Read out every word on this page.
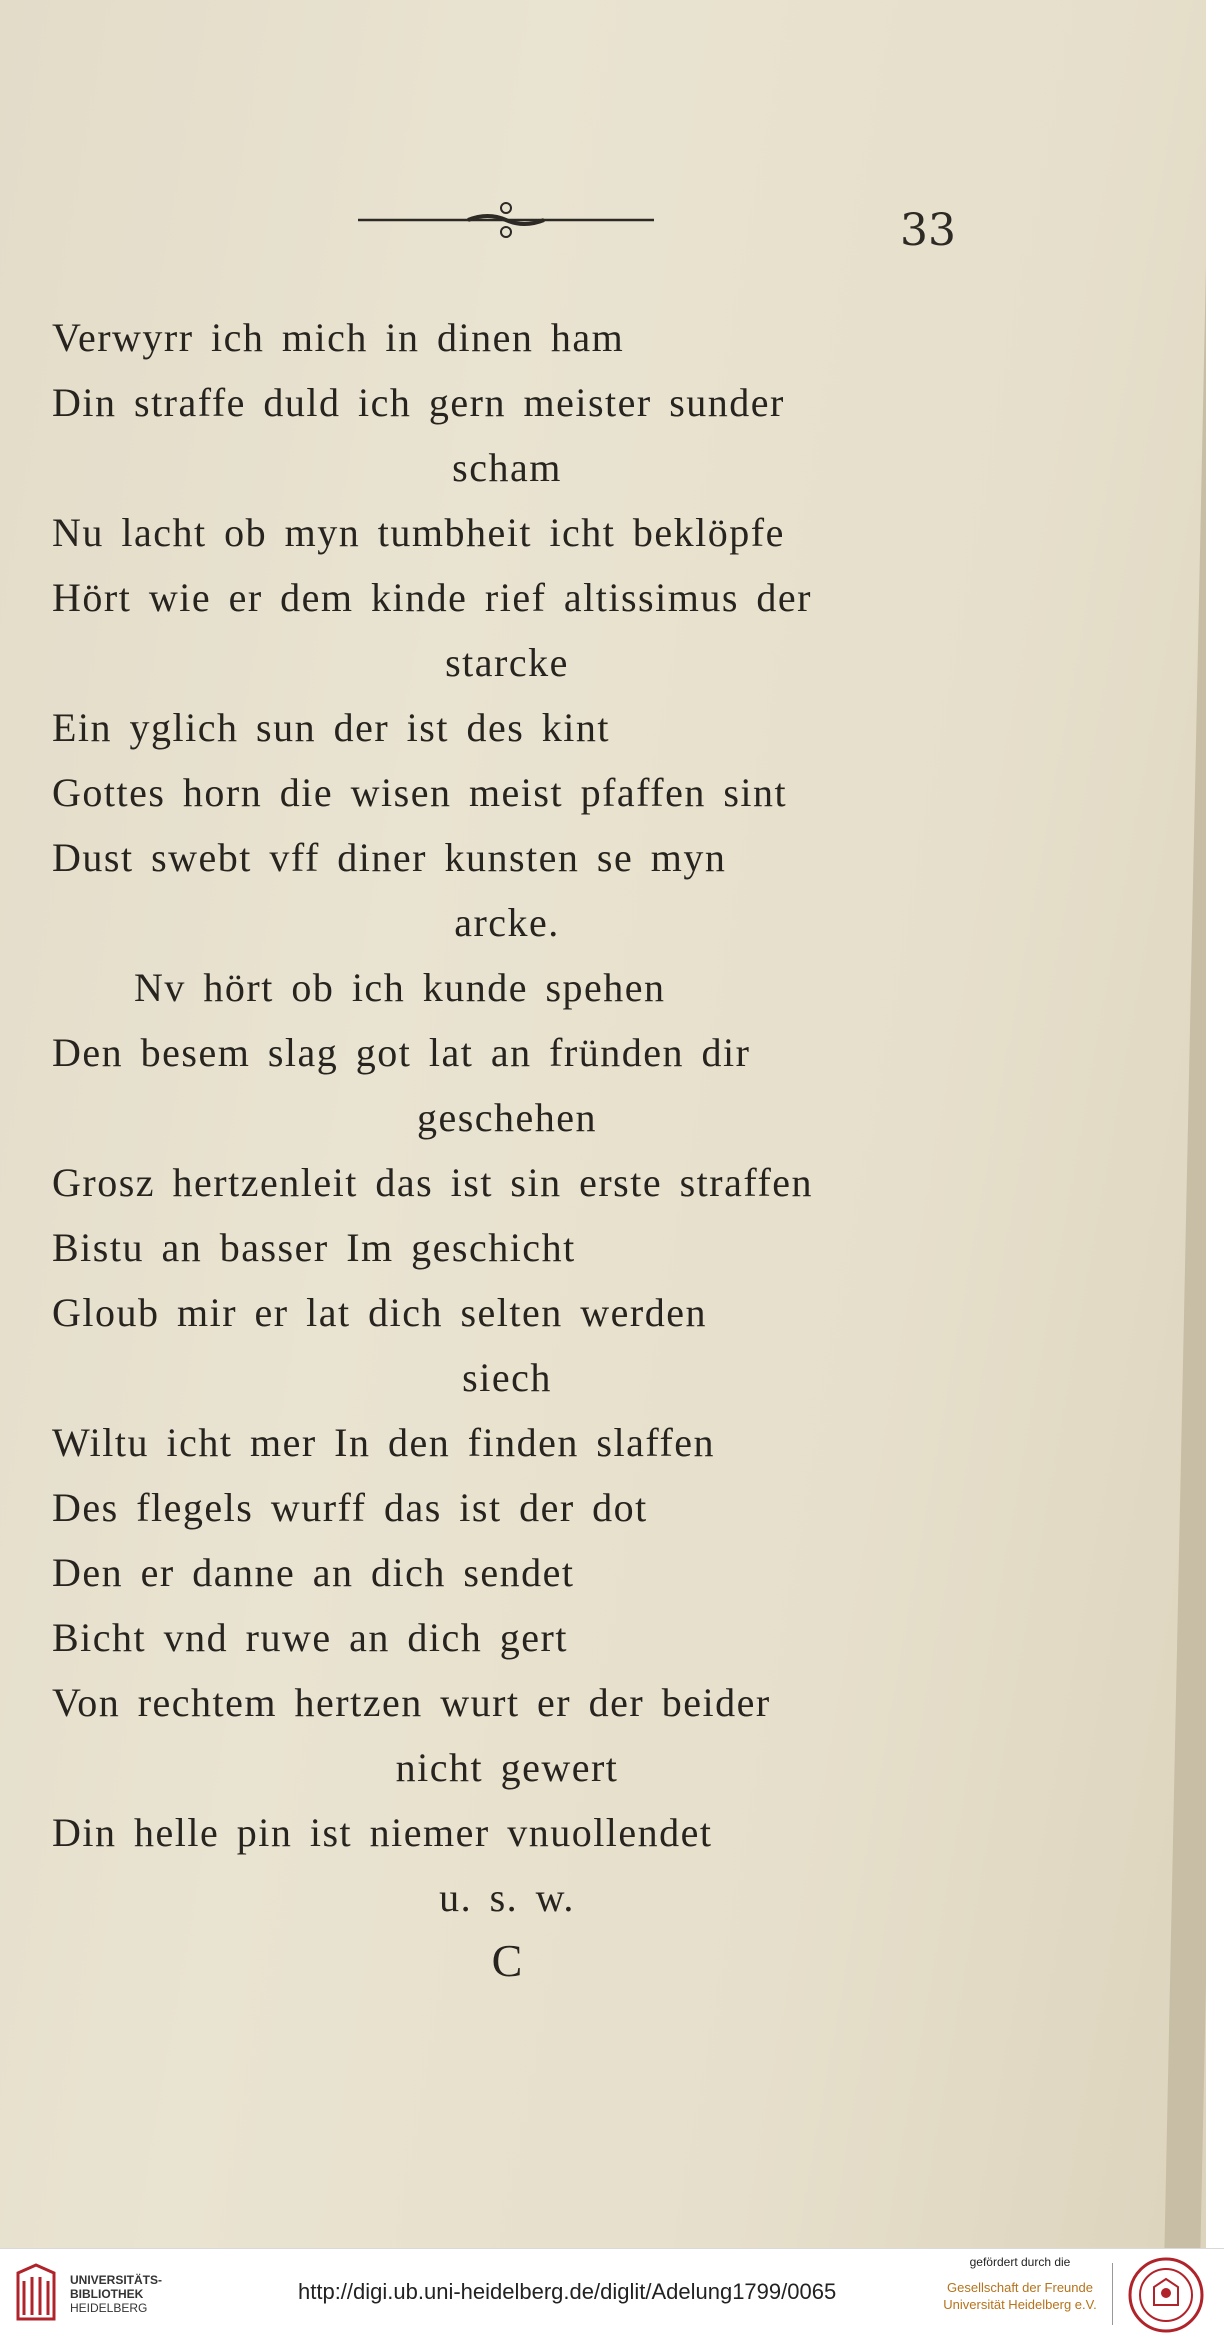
33
Verwyrr ich mich in dinen ham
Din straffe duld ich gern meister sunder
scham
Nu lacht ob myn tumbheit icht beklöpfe
Hört wie er dem kinde rief altissimus der
starcke
Ein yglich sun der ist des kint
Gottes horn die wisen meist pfaffen sint
Dust swebt vff diner kunsten se myn
arcke.
Nv hört ob ich kunde spehen
Den besem slag got lat an fründen dir
geschehen
Grosz hertzenleit das ist sin erste straffen
Bistu an basser Im geschicht
Gloub mir er lat dich selten werden
siech
Wiltu icht mer In den finden slaffen
Des flegels wurff das ist der dot
Den er danne an dich sendet
Bicht vnd ruwe an dich gert
Von rechtem hertzen wurt er der beider
nicht gewert
Din helle pin ist niemer vnuollendet
u. s. w.
C
UNIVERSITÄTS-
BIBLIOTHEK
HEIDELBERG
http://digi.ub.uni-heidelberg.de/diglit/Adelung1799/0065
gefördert durch die
Gesellschaft der Freunde
Universität Heidelberg e.V.
